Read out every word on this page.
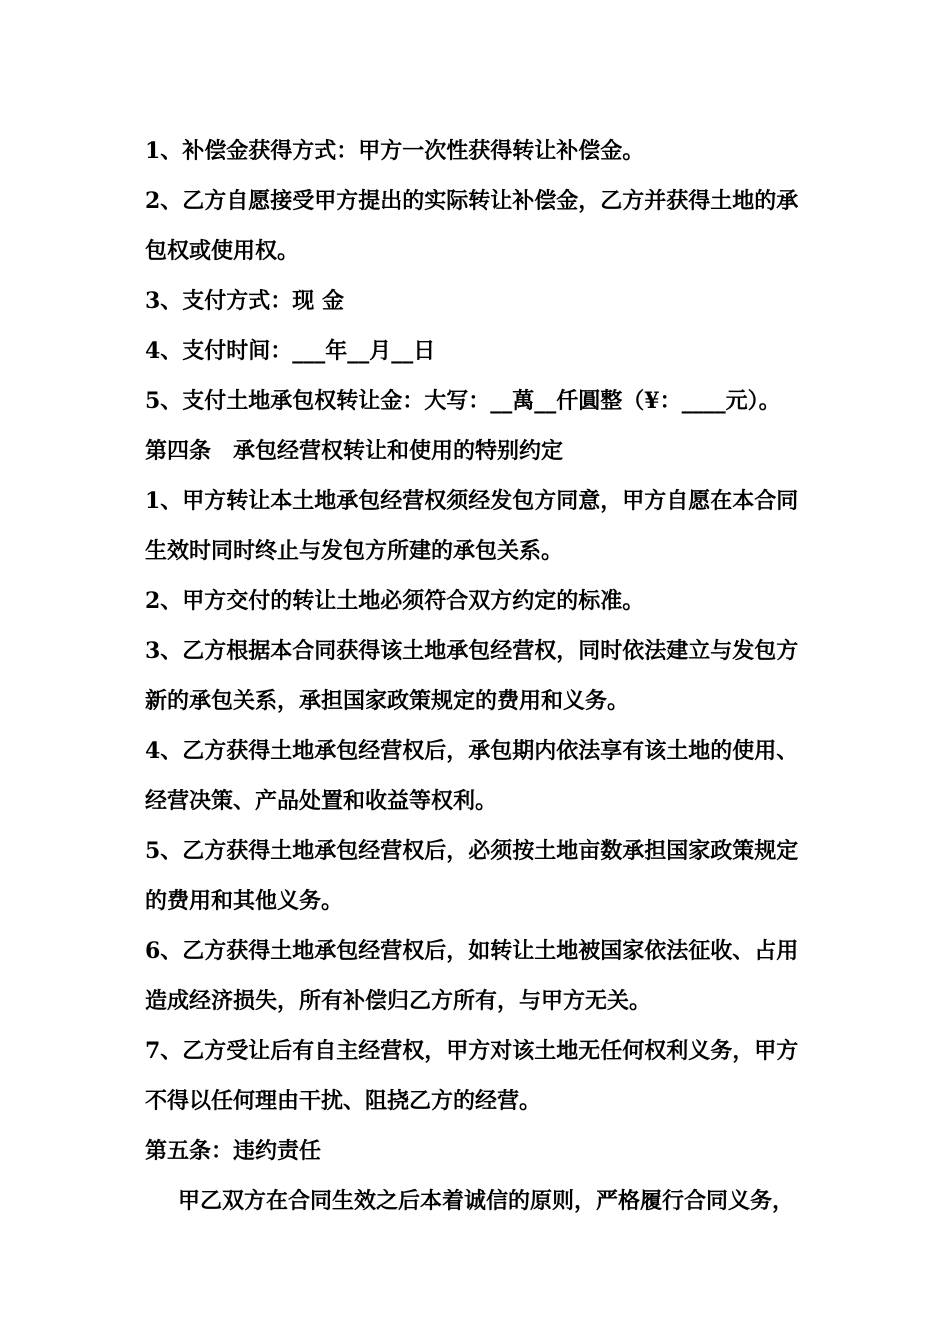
1、补偿金获得方式：甲方一次性获得转让补偿金。

2、乙方自愿接受甲方提出的实际转让补偿金，乙方并获得土地的承

包权或使用权。

3、支付方式：现 金

4、支付时间：___年__月__日

5、支付土地承包权转让金：大写：__萬__仟圓整（¥：____元）。

第四条　承包经营权转让和使用的特别约定

1、甲方转让本土地承包经营权须经发包方同意，甲方自愿在本合同

生效时同时终止与发包方所建的承包关系。

2、甲方交付的转让土地必须符合双方约定的标准。

3、乙方根据本合同获得该土地承包经营权，同时依法建立与发包方

新的承包关系，承担国家政策规定的费用和义务。

4、乙方获得土地承包经营权后，承包期内依法享有该土地的使用、

经营决策、产品处置和收益等权利。

5、乙方获得土地承包经营权后，必须按土地亩数承担国家政策规定

的费用和其他义务。

6、乙方获得土地承包经营权后，如转让土地被国家依法征收、占用

造成经济损失，所有补偿归乙方所有，与甲方无关。

7、乙方受让后有自主经营权，甲方对该土地无任何权利义务，甲方

不得以任何理由干扰、阻挠乙方的经营。

第五条：违约责任

甲乙双方在合同生效之后本着诚信的原则，严格履行合同义务，
